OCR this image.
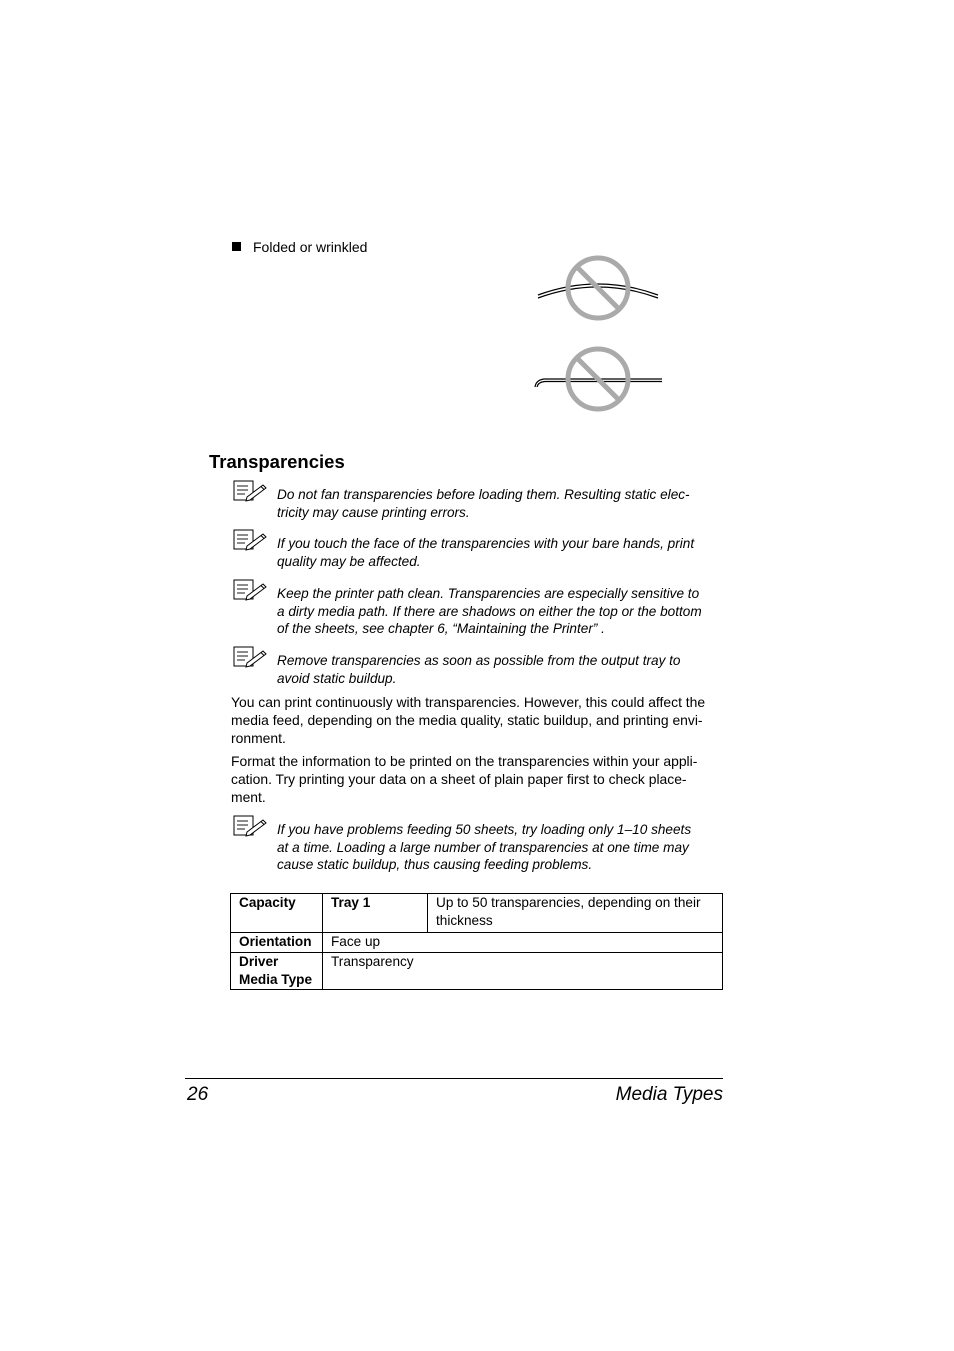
Folded or wrinkled
Transparencies
Do not fan transparencies before loading them. Resulting static elec-
tricity may cause printing errors.
If you touch the face of the transparencies with your bare hands, print
quality may be affected.
Keep the printer path clean. Transparencies are especially sensitive to
a dirty media path. If there are shadows on either the top or the bottom
of the sheets, see chapter 6, “Maintaining the Printer” .
Remove transparencies as soon as possible from the output tray to
avoid static buildup.
You can print continuously with transparencies. However, this could affect the
media feed, depending on the media quality, static buildup, and printing envi-
ronment.
Format the information to be printed on the transparencies within your appli-
cation. Try printing your data on a sheet of plain paper first to check place-
ment.
If you have problems feeding 50 sheets, try loading only 1–10 sheets
at a time. Loading a large number of transparencies at one time may
cause static buildup, thus causing feeding problems.
Capacity	Tray 1	Up to 50 transparencies, depending on their thickness
Orientation	Face up	
Driver Media Type	Transparency	
26	Media Types
